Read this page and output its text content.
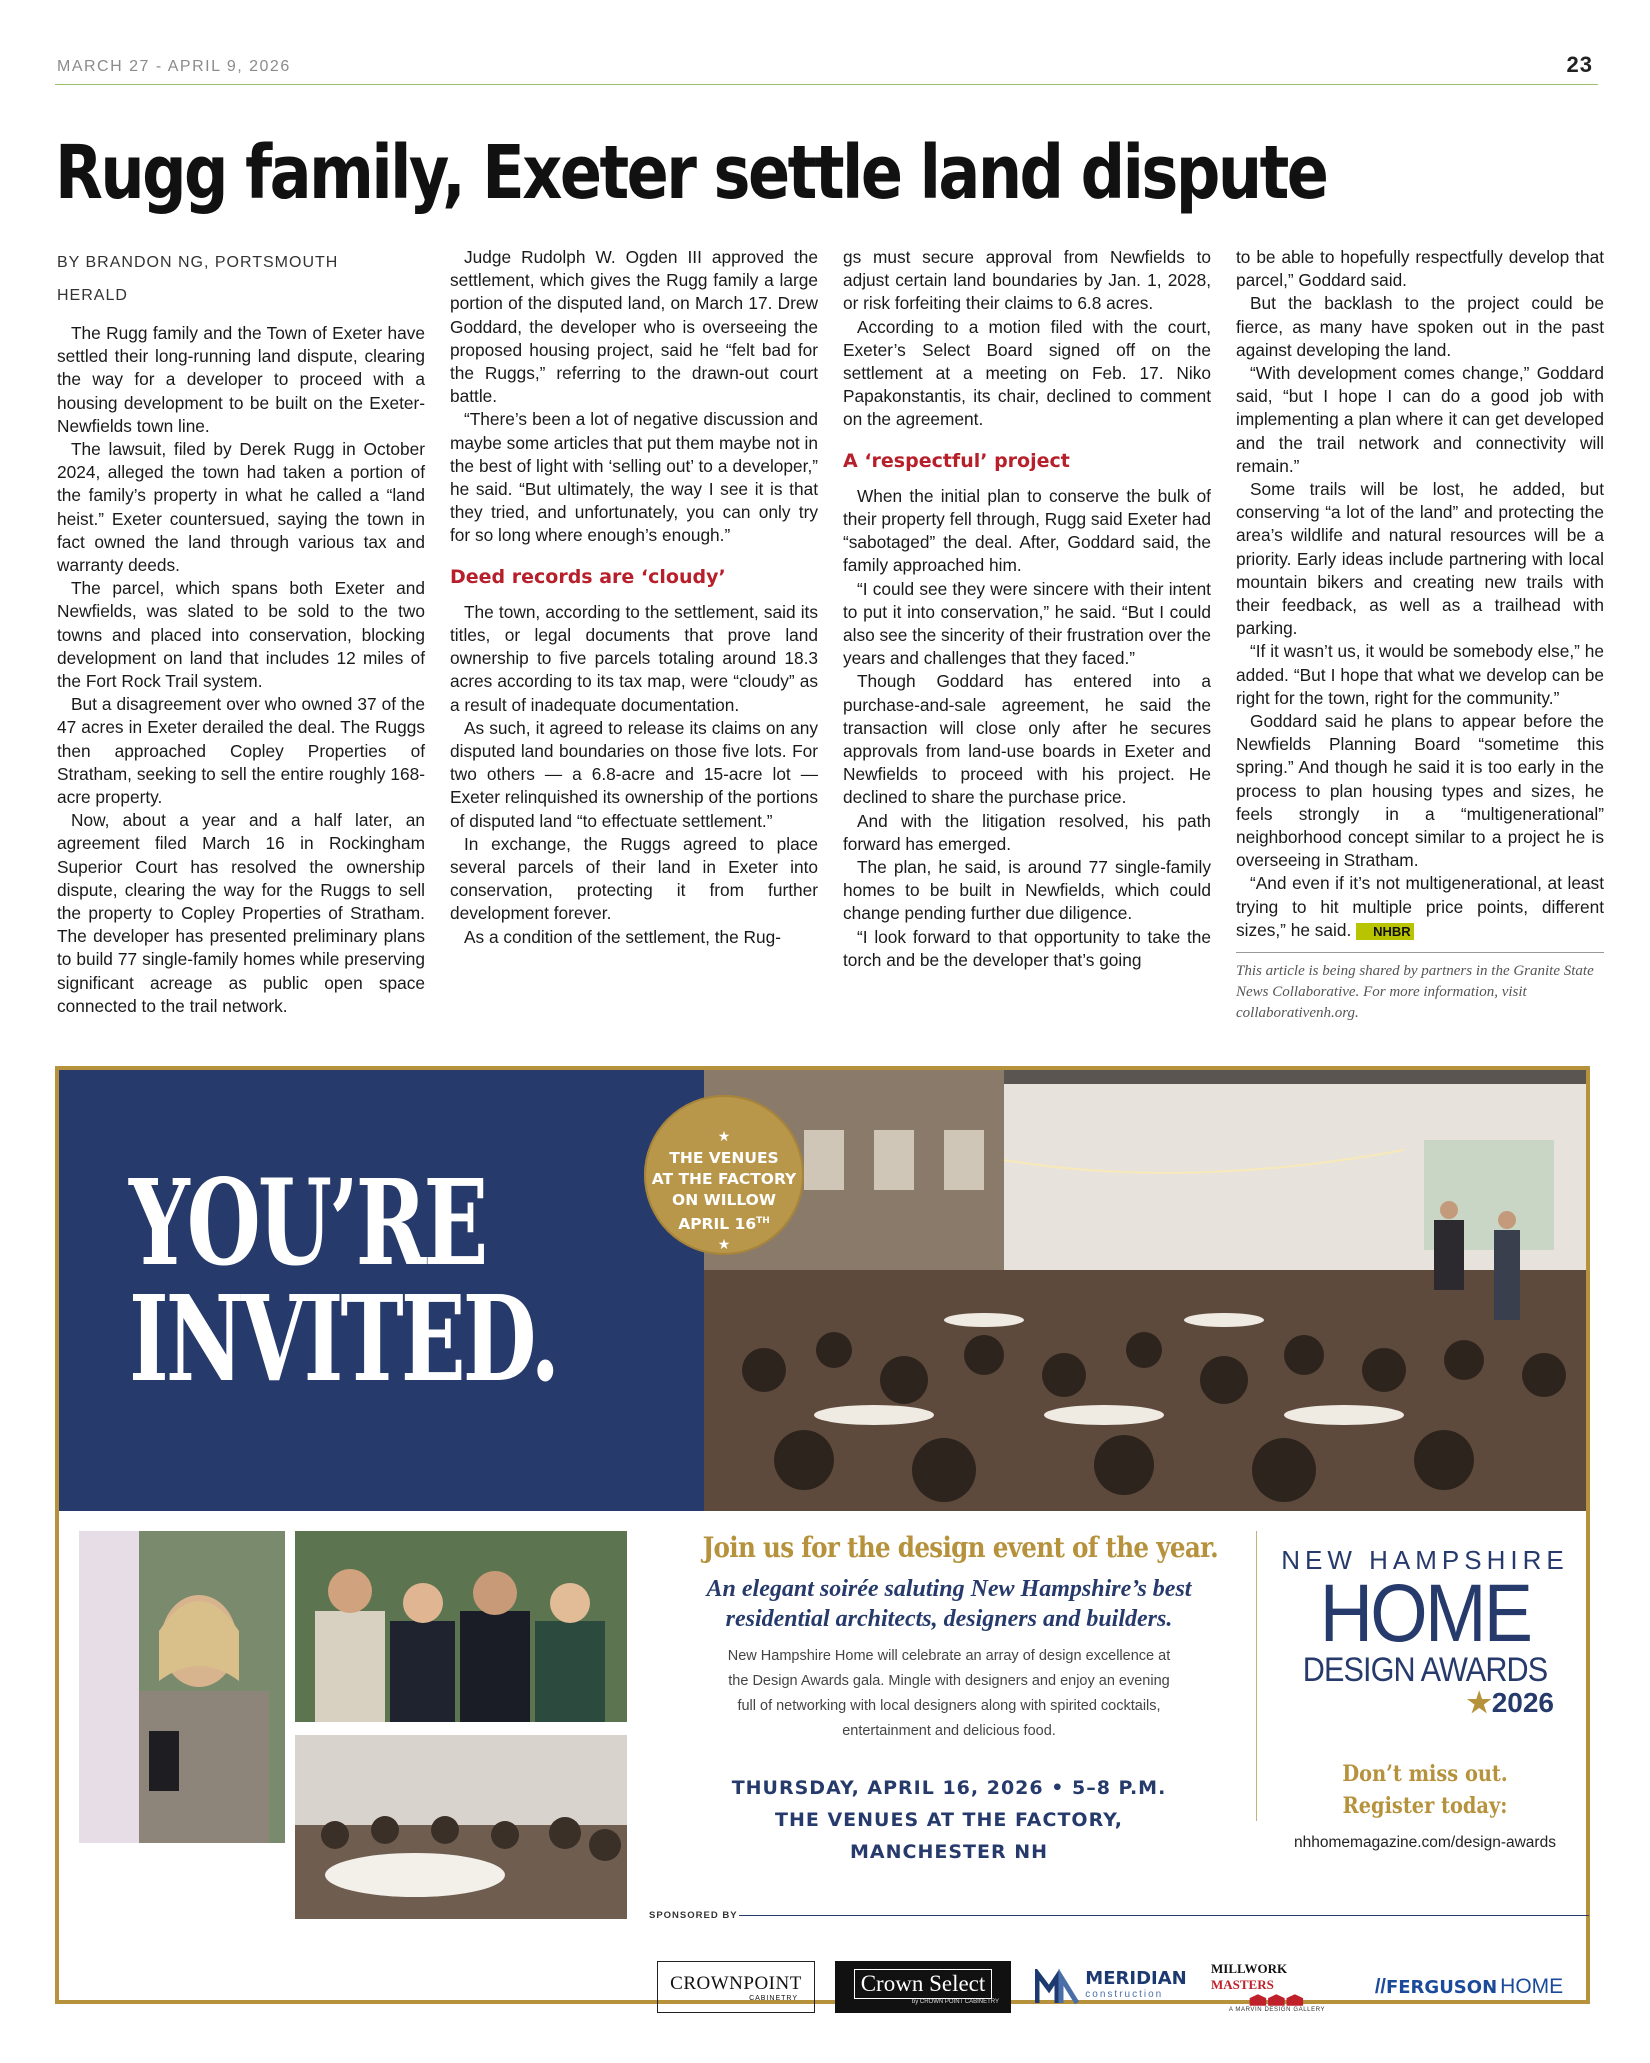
MARCH 27 - APRIL 9, 2026	23
Rugg family, Exeter settle land dispute

BY BRANDON NG, PORTSMOUTH
HERALD

The Rugg family and the Town of Exeter have settled their long-running land dispute, clearing the way for a developer to proceed with a housing development to be built on the Exeter-Newfields town line.

The lawsuit, filed by Derek Rugg in October 2024, alleged the town had taken a portion of the family’s property in what he called a “land heist.” Exeter countersued, saying the town in fact owned the land through various tax and warranty deeds.

The parcel, which spans both Exeter and Newfields, was slated to be sold to the two towns and placed into conservation, blocking development on land that includes 12 miles of the Fort Rock Trail system.

But a disagreement over who owned 37 of the 47 acres in Exeter derailed the deal. The Ruggs then approached Copley Properties of Stratham, seeking to sell the entire roughly 168-acre property.

Now, about a year and a half later, an agreement filed March 16 in Rockingham Superior Court has resolved the ownership dispute, clearing the way for the Ruggs to sell the property to Copley Properties of Stratham. The developer has presented preliminary plans to build 77 single-family homes while preserving significant acreage as public open space connected to the trail network.

Judge Rudolph W. Ogden III approved the settlement, which gives the Rugg family a large portion of the disputed land, on March 17. Drew Goddard, the developer who is overseeing the proposed housing project, said he “felt bad for the Ruggs,” referring to the drawn-out court battle.

“There’s been a lot of negative discussion and maybe some articles that put them maybe not in the best of light with ‘selling out’ to a developer,” he said. “But ultimately, the way I see it is that they tried, and unfortunately, you can only try for so long where enough’s enough.”

Deed records are ‘cloudy’

The town, according to the settlement, said its titles, or legal documents that prove land ownership to five parcels totaling around 18.3 acres according to its tax map, were “cloudy” as a result of inadequate documentation.

As such, it agreed to release its claims on any disputed land boundaries on those five lots. For two others — a 6.8-acre and 15-acre lot — Exeter relinquished its ownership of the portions of disputed land “to effectuate settlement.”

In exchange, the Ruggs agreed to place several parcels of their land in Exeter into conservation, protecting it from further development forever.

As a condition of the settlement, the Rug-

gs must secure approval from Newfields to adjust certain land boundaries by Jan. 1, 2028, or risk forfeiting their claims to 6.8 acres.

According to a motion filed with the court, Exeter’s Select Board signed off on the settlement at a meeting on Feb. 17. Niko Papakonstantis, its chair, declined to comment on the agreement.

A ‘respectful’ project

When the initial plan to conserve the bulk of their property fell through, Rugg said Exeter had “sabotaged” the deal. After, Goddard said, the family approached him.

“I could see they were sincere with their intent to put it into conservation,” he said. “But I could also see the sincerity of their frustration over the years and challenges that they faced.”

Though Goddard has entered into a purchase-and-sale agreement, he said the transaction will close only after he secures approvals from land-use boards in Exeter and Newfields to proceed with his project. He declined to share the purchase price.

And with the litigation resolved, his path forward has emerged.

The plan, he said, is around 77 single-family homes to be built in Newfields, which could change pending further due diligence.

“I look forward to that opportunity to take the torch and be the developer that’s going

to be able to hopefully respectfully develop that parcel,” Goddard said.

But the backlash to the project could be fierce, as many have spoken out in the past against developing the land.

“With development comes change,” Goddard said, “but I hope I can do a good job with implementing a plan where it can get developed and the trail network and connectivity will remain.”

Some trails will be lost, he added, but conserving “a lot of the land” and protecting the area’s wildlife and natural resources will be a priority. Early ideas include partnering with local mountain bikers and creating new trails with their feedback, as well as a trailhead with parking.

“If it wasn’t us, it would be somebody else,” he added. “But I hope that what we develop can be right for the town, right for the community.”

Goddard said he plans to appear before the Newfields Planning Board “sometime this spring.” And though he said it is too early in the process to plan housing types and sizes, he feels strongly in a “multigenerational” neighborhood concept similar to a project he is overseeing in Stratham.

“And even if it’s not multigenerational, at least trying to hit multiple price points, different sizes,” he said. NHBR

This article is being shared by partners in the Granite State News Collaborative. For more information, visit collaborativenh.org.

YOU’RE
INVITED.
★
THE VENUES
AT THE FACTORY
ON WILLOW
APRIL 16TH
★
Join us for the design event of the year.
An elegant soirée saluting New Hampshire’s best
residential architects, designers and builders.
New Hampshire Home will celebrate an array of design excellence at
the Design Awards gala. Mingle with designers and enjoy an evening
full of networking with local designers along with spirited cocktails,
entertainment and delicious food.
THURSDAY, APRIL 16, 2026 • 5–8 P.M.
THE VENUES AT THE FACTORY,
MANCHESTER NH
NEW HAMPSHIRE
HOME
DESIGN AWARDS
★2026
Don’t miss out.
Register today:
nhhomemagazine.com/design-awards
SPONSORED BY
CROWNPOINT
CABINETRY
Crown Select
by CROWN POINT CABINETRY
MERIDIAN
construction
MILLWORK MASTERS
A MARVIN DESIGN GALLERY
// FERGUSON HOME
